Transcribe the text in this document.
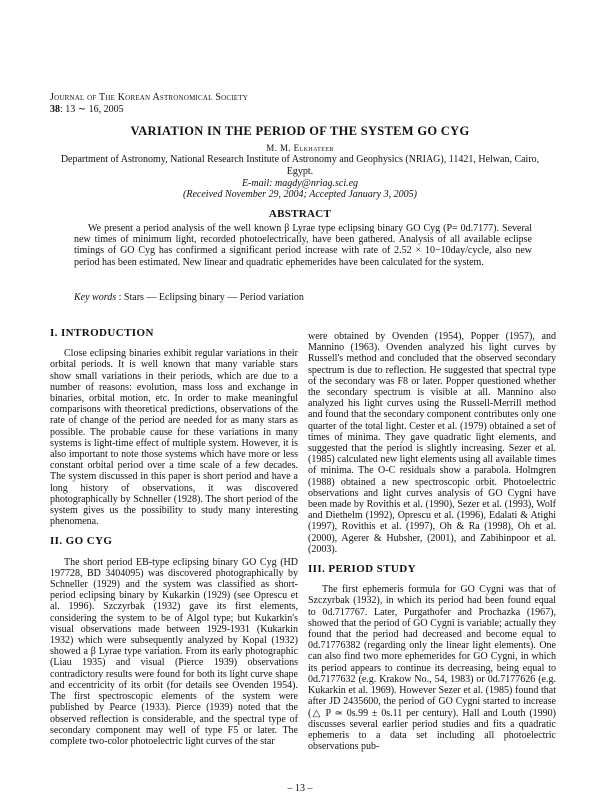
Journal of The Korean Astronomical Society
38: 13 ∼ 16, 2005
VARIATION IN THE PERIOD OF THE SYSTEM GO CYG
M. M. Elkhateeb
Department of Astronomy, National Research Institute of Astronomy and Geophysics (NRIAG), 11421, Helwan, Cairo, Egypt.
E-mail: magdy@nriag.sci.eg
(Received November 29, 2004; Accepted January 3, 2005)
ABSTRACT
We present a period analysis of the well known β Lyrae type eclipsing binary GO Cyg (P= 0d.7177). Several new times of minimum light, recorded photoelectrically, have been gathered. Analysis of all available eclipse timings of GO Cyg has confirmed a significant period increase with rate of 2.52 × 10−10day/cycle, also new period has been estimated. New linear and quadratic ephemerides have been calculated for the system.
Key words : Stars — Eclipsing binary — Period variation
I. INTRODUCTION

Close eclipsing binaries exhibit regular variations in their orbital periods. It is well known that many variable stars show small variations in their periods, which are due to a number of reasons: evolution, mass loss and exchange in binaries, orbital motion, etc. In order to make meaningful comparisons with theoretical predictions, observations of the rate of change of the period are needed for as many stars as possible. The probable cause for these variations in many systems is light-time effect of multiple system. However, it is also important to note those systems which have more or less constant orbital period over a time scale of a few decades. The system discussed in this paper is short period and have a long history of observations, it was discovered photographically by Schneller (1928). The short period of the system gives us the possibility to study many interesting phenomena.

II. GO CYG

The short period EB-type eclipsing binary GO Cyg (HD 197728, BD 3404095) was discovered photographically by Schneller (1929) and the system was classified as short-period eclipsing binary by Kukarkin (1929) (see Oprescu et al. 1996). Szczyrbak (1932) gave its first elements, considering the system to be of Algol type; but Kukarkin's visual observations made between 1929-1931 (Kukarkin 1932) which were subsequently analyzed by Kopal (1932) showed a β Lyrae type variation. From its early photographic (Liau 1935) and visual (Pierce 1939) observations contradictory results were found for both its light curve shape and eccentricity of its orbit (for details see Ovenden 1954). The first spectroscopic elements of the system were published by Pearce (1933). Pierce (1939) noted that the observed reflection is considerable, and the spectral type of secondary component may well of type F5 or later. The complete two-color photoelectric light curves of the star

were obtained by Ovenden (1954), Popper (1957), and Mannino (1963). Ovenden analyzed his light curves by Russell's method and concluded that the observed secondary spectrum is due to reflection. He suggested that spectral type of the secondary was F8 or later. Popper questioned whether the secondary spectrum is visible at all. Mannino also analyzed his light curves using the Russell-Merrill method and found that the secondary component contributes only one quarter of the total light. Cester et al. (1979) obtained a set of times of minima. They gave quadratic light elements, and suggested that the period is slightly increasing. Sezer et al. (1985) calculated new light elements using all available times of minima. The O-C residuals show a parabola. Holmgren (1988) obtained a new spectroscopic orbit. Photoelectric observations and light curves analysis of GO Cygni have been made by Rovithis et al. (1990), Sezer et al. (1993), Wolf and Diethelm (1992), Oprescu et al. (1996), Edalati & Atighi (1997), Rovithis et al. (1997), Oh & Ra (1998), Oh et al. (2000), Agerer & Hubsher, (2001), and Zabihinpoor et al. (2003).

III. PERIOD STUDY

The first ephemeris formula for GO Cygni was that of Szczyrbak (1932), in which its period had been found equal to 0d.717767. Later, Purgathofer and Prochazka (1967), showed that the period of GO Cygni is variable; actually they found that the period had decreased and become equal to 0d.71776382 (regarding only the linear light elements). One can also find two more ephemerides for GO Cygni, in which its period appears to continue its decreasing, being equal to 0d.7177632 (e.g. Krakow No., 54, 1983) or 0d.7177626 (e.g. Kukarkin et al. 1969). However Sezer et al. (1985) found that after JD 2435600, the period of GO Cygni started to increase (△ P ≃ 0s.99 ± 0s.11 per century). Hall and Louth (1990) discusses several earlier period studies and fits a quadratic ephemeris to a data set including all photoelectric observations pub-

– 13 –
